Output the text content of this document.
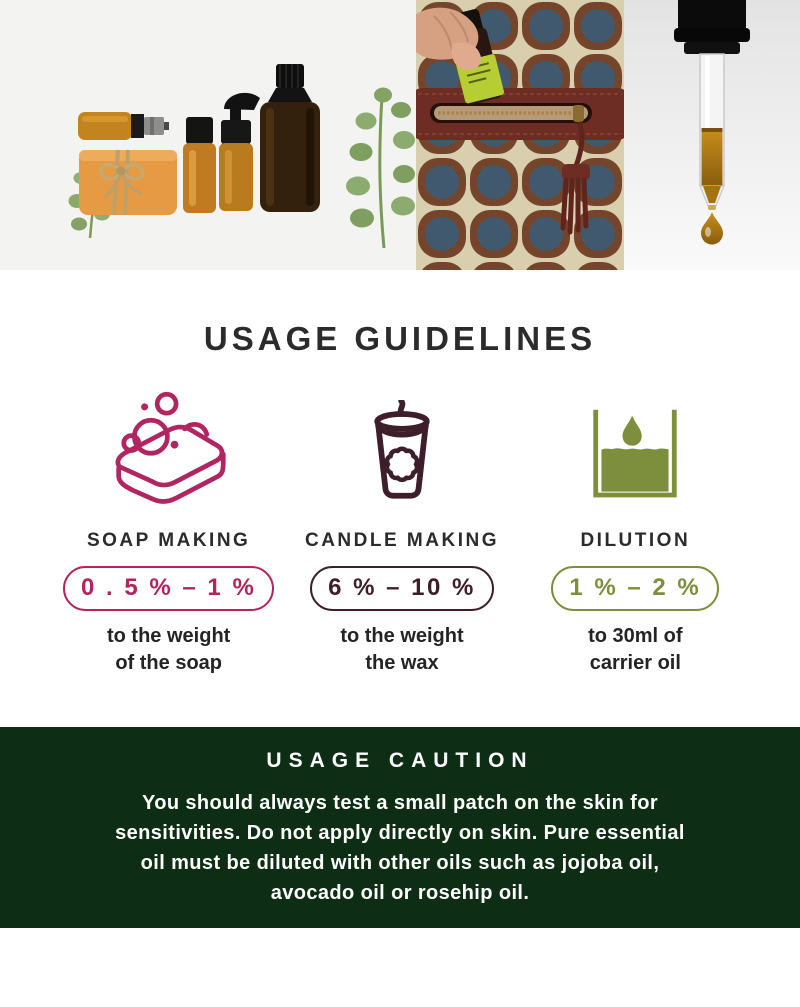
USAGE GUIDELINES
SOAP MAKING
0 . 5 % – 1 %
to the weight
of the soap
CANDLE MAKING
6 % – 10 %
to the weight
the wax
DILUTION
1 % – 2 %
to 30ml of
carrier oil
USAGE CAUTION

You should always test a small patch on the skin for
sensitivities. Do not apply directly on skin. Pure essential
oil must be diluted with other oils such as jojoba oil,
avocado oil or rosehip oil.
